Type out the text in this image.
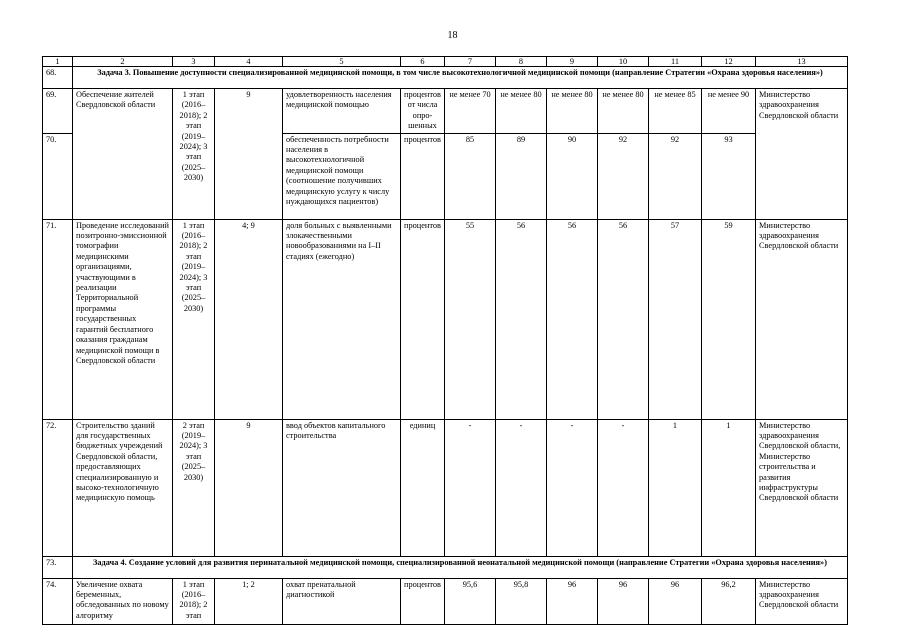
18
1	2	3	4	5	6	7	8	9	10	11	12	13
68.	Задача 3. Повышение доступности специализированной медицинской помощи, в том числе высокотехнологичной медицинской помощи (направление Стратегии «Охрана здоровья населения»)											
69.	Обеспечение жителей Свердловской области	1 этап (2016–2018); 2 этап (2019–2024); 3 этап (2025–2030)	9	удовлетворенность населения медицинской помощью	процентов от числа опро-шенных	не менее 70	не менее 80	не менее 80	не менее 80	не менее 85	не менее 90	Министерство здравоохранения Свердловской области
70.				обеспеченность потребности населения в высокотехнологичной медицинской помощи (соотношение получивших медицинскую услугу к числу нуждающихся пациентов)	процентов	85	89	90	92	92	93	
71.	Проведение исследований позитронно-эмиссионной томографии медицинскими организациями, участвующими в реализации Территориальной программы государственных гарантий бесплатного оказания гражданам медицинской помощи в Свердловской области	1 этап (2016–2018); 2 этап (2019–2024); 3 этап (2025–2030)	4; 9	доля больных с выявленными злокачественными новообразованиями на I–II стадиях (ежегодно)	процентов	55	56	56	56	57	59	Министерство здравоохранения Свердловской области
72.	Строительство зданий для государственных бюджетных учреждений Свердловской области, предоставляющих специализированную и высоко-технологичную медицинскую помощь	2 этап (2019–2024); 3 этап (2025–2030)	9	ввод объектов капитального строительства	единиц	-	-	-	-	1	1	Министерство здравоохранения Свердловской области, Министерство строительства и развития инфраструктуры Свердловской области
73.	Задача 4. Создание условий для развития перинатальной медицинской помощи, специализированной неонатальной медицинской помощи (направление Стратегии «Охрана здоровья населения»)											
74.	Увеличение охвата беременных, обследованных по новому алгоритму	1 этап (2016–2018); 2 этап	1; 2	охват пренатальной диагностикой	процентов	95,6	95,8	96	96	96	96,2	Министерство здравоохранения Свердловской области
